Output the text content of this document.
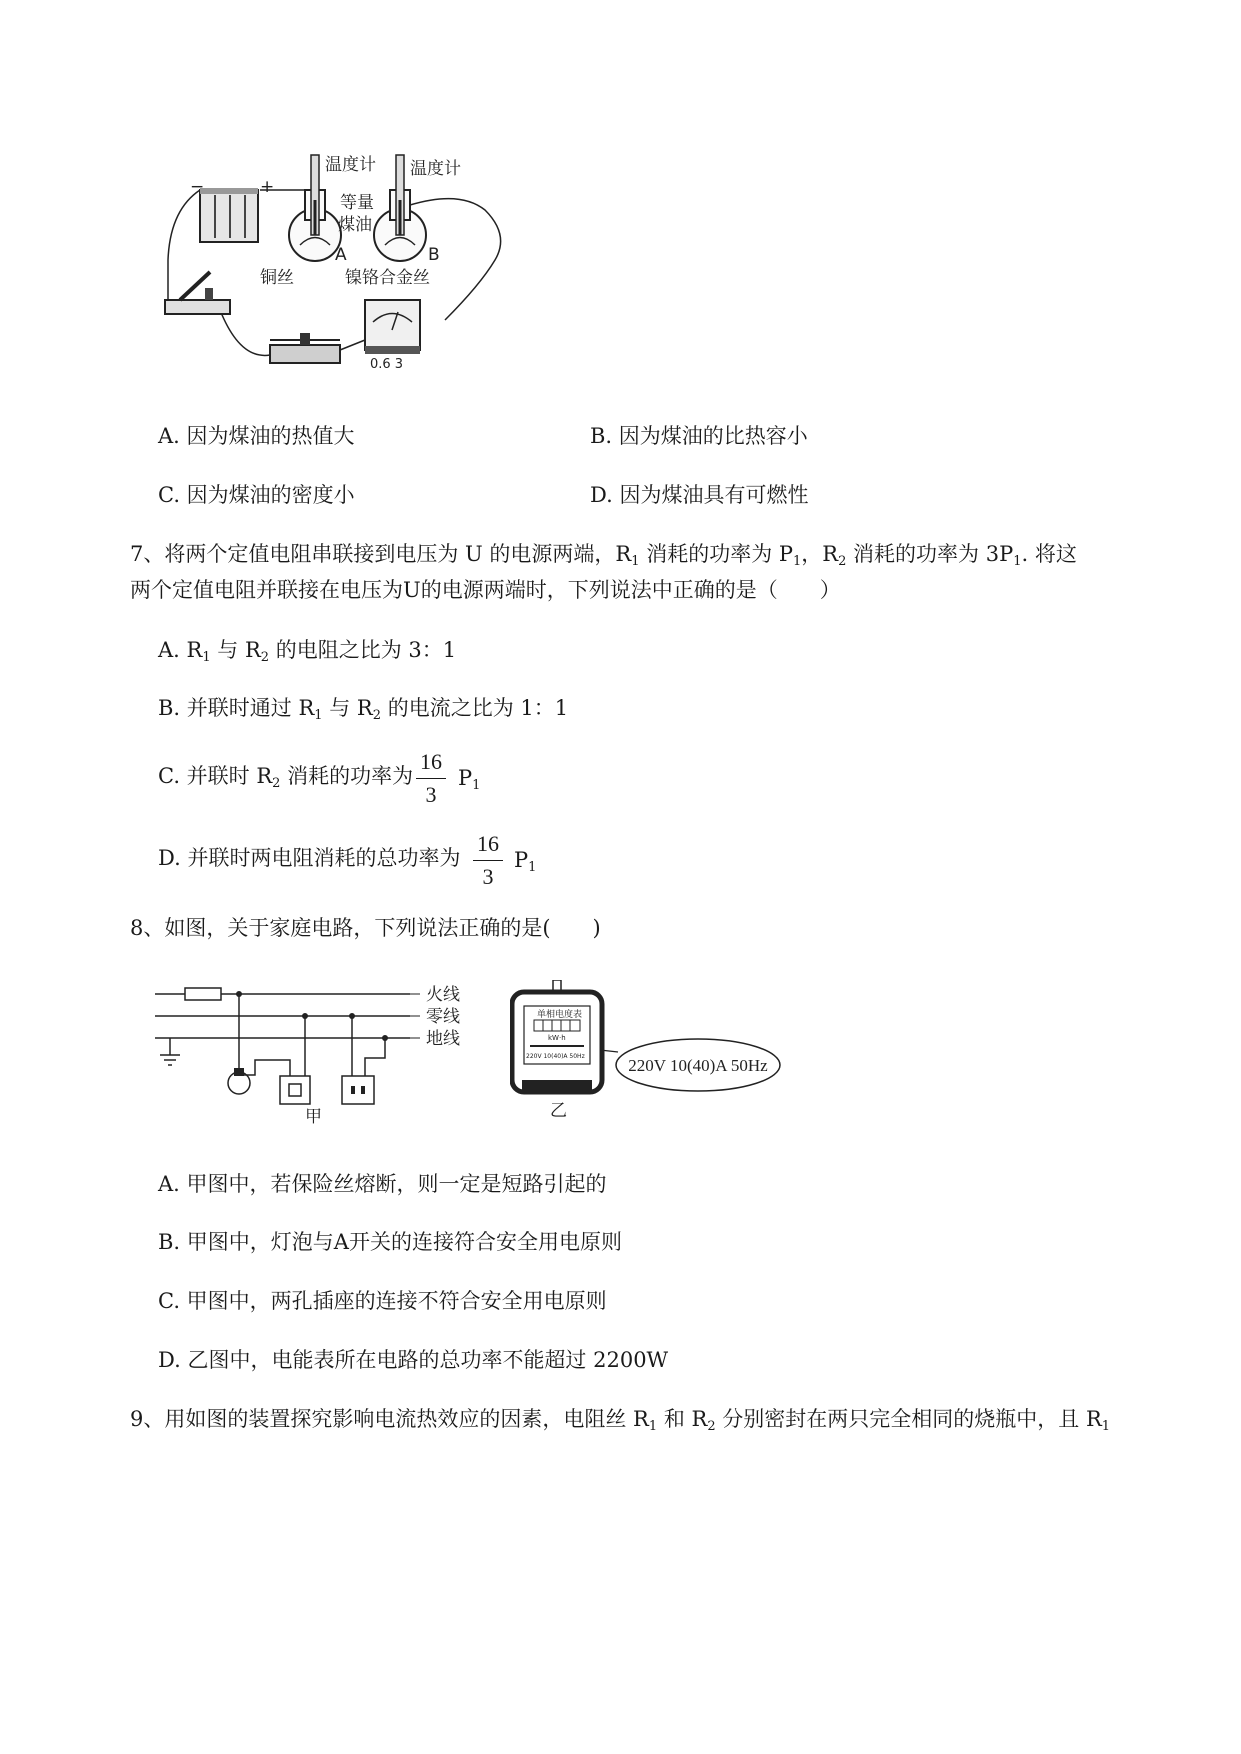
−	+
温度计 温度计
等量
煤油
A	B
铜丝	镍铬合金丝
0.6 3
A. 因为煤油的热值大	B. 因为煤油的比热容小
C. 因为煤油的密度小	D. 因为煤油具有可燃性
7、将两个定值电阻串联接到电压为 U 的电源两端，$R_1$ 消耗的功率为 $P_1$，$R_2$ 消耗的功率为 $3P_1$. 将这
两个定值电阻并联接在电压为U的电源两端时，下列说法中正确的是（　　）
A. $R_1$ 与 $R_2$ 的电阻之比为 3：1
B. 并联时通过 $R_1$ 与 $R_2$ 的电流之比为 1：1
C. 并联时 $R_2$ 消耗的功率为
16
3
$P_1$
D. 并联时两电阻消耗的总功率为
16
3
$P_1$
8、如图，关于家庭电路，下列说法正确的是(　　)
火线
零线
地线
甲
单相电度表
kW·h
220V 10(40)A 50Hz	220V 10(40)A 50Hz
乙
A. 甲图中，若保险丝熔断，则一定是短路引起的
B. 甲图中，灯泡与A开关的连接符合安全用电原则
C. 甲图中，两孔插座的连接不符合安全用电原则
D. 乙图中，电能表所在电路的总功率不能超过 2200W
9、用如图的装置探究影响电流热效应的因素，电阻丝 $R_1$ 和 $R_2$ 分别密封在两只完全相同的烧瓶中，且 $R_1$
